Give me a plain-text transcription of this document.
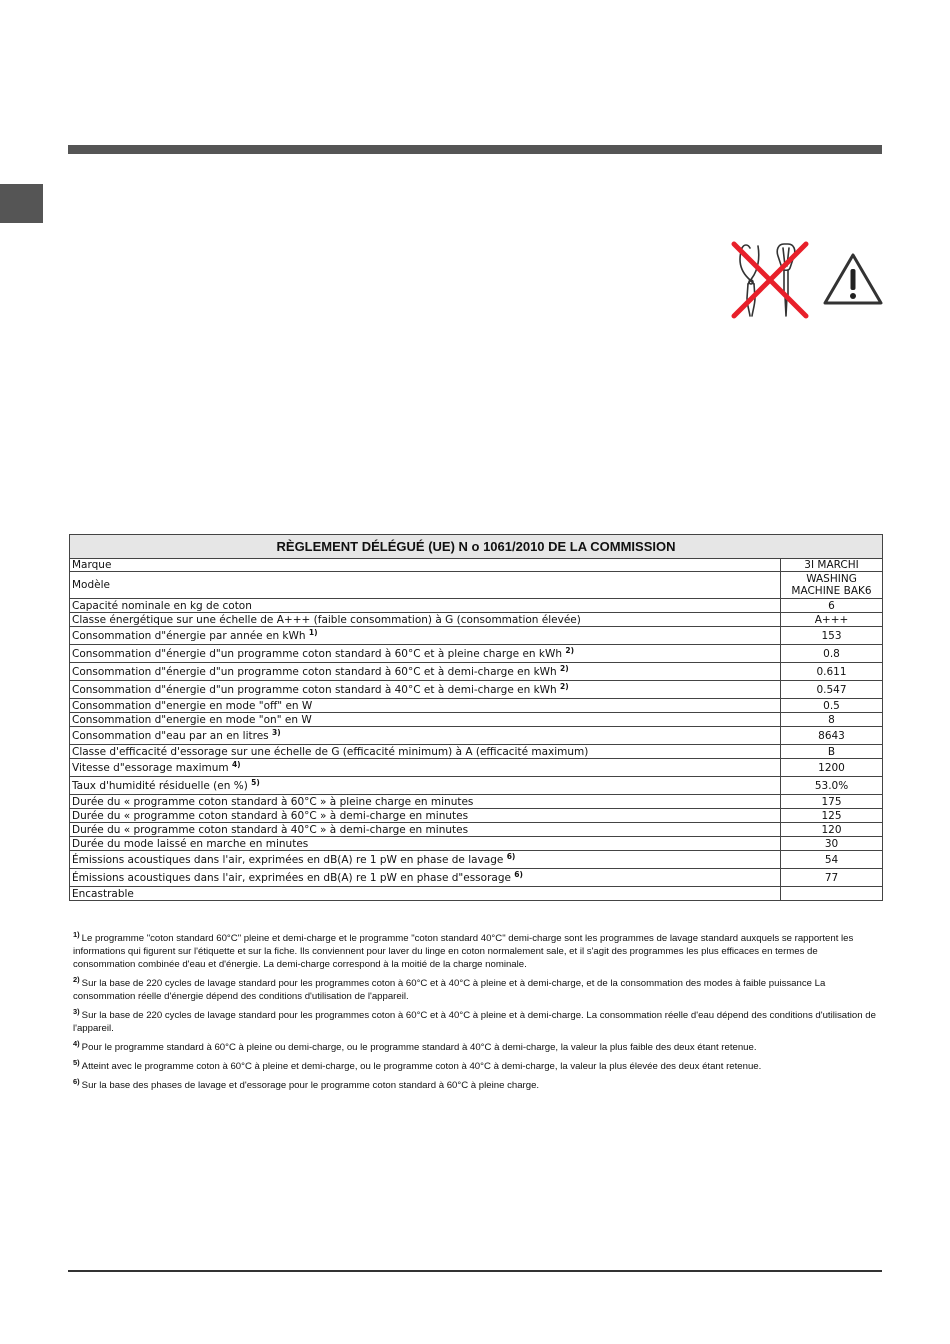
RÈGLEMENT DÉLÉGUÉ (UE) N o 1061/2010 DE LA COMMISSION	
Marque	3I MARCHI
Modèle	WASHING
MACHINE BAK6
Capacité nominale en kg de coton	6
Classe énergétique sur une échelle de A+++ (faible consommation) à G (consommation élevée)	A+++
Consommation d"énergie par année en kWh $^{1)}$	153
Consommation d"énergie d"un programme coton standard à 60°C et à pleine charge en kWh $^{2)}$	0.8
Consommation d"énergie d"un programme coton standard à 60°C et à demi-charge en kWh $^{2)}$	0.611
Consommation d"énergie d"un programme coton standard à 40°C et à demi-charge en kWh $^{2)}$	0.547
Consommation d"energie en mode "off" en W	0.5
Consommation d"energie en mode "on" en W	8
Consommation d"eau par an en litres $^{3)}$	8643
Classe d'efficacité d'essorage sur une échelle de G (efficacité minimum) à A (efficacité maximum)	B
Vitesse d"essorage maximum $^{4)}$	1200
Taux d'humidité résiduelle (en %) $^{5)}$	53.0%
Durée du « programme coton standard à 60°C » à pleine charge en minutes	175
Durée du « programme coton standard à 60°C » à demi-charge en minutes	125
Durée du « programme coton standard à 40°C » à demi-charge en minutes	120
Durée du mode laissé en marche en minutes	30
Émissions acoustiques dans l'air, exprimées en dB(A) re 1 pW en phase de lavage $^{6)}$	54
Émissions acoustiques dans l'air, exprimées en dB(A) re 1 pW en phase d"essorage $^{6)}$	77
Encastrable	
$^{1)}$ Le programme "coton standard 60°C" pleine et demi-charge et le programme "coton standard 40°C" demi-charge sont les programmes de lavage standard auxquels se rapportent les informations qui figurent sur l'étiquette et sur la fiche. Ils conviennent pour laver du linge en coton normalement sale, et il s'agit des programmes les plus efficaces en termes de consommation combinée d'eau et d'énergie. La demi-charge correspond à la moitié de la charge nominale.
$^{2)}$ Sur la base de 220 cycles de lavage standard pour les programmes coton à 60°C et à 40°C à pleine et à demi-charge, et de la consommation des modes à faible puissance La consommation réelle d'énergie dépend des conditions d'utilisation de l'appareil.
$^{3)}$ Sur la base de 220 cycles de lavage standard pour les programmes coton à 60°C et à 40°C à pleine et à demi-charge. La consommation réelle d'eau dépend des conditions d'utilisation de l'appareil.
$^{4)}$ Pour le programme standard à 60°C à pleine ou demi-charge, ou le programme standard à 40°C à demi-charge, la valeur la plus faible des deux étant retenue.
$^{5)}$ Atteint avec le programme coton à 60°C à pleine et demi-charge, ou le programme coton à 40°C à demi-charge, la valeur la plus élevée des deux étant retenue.
$^{6)}$ Sur la base des phases de lavage et d'essorage pour le programme coton standard à 60°C à pleine charge.
